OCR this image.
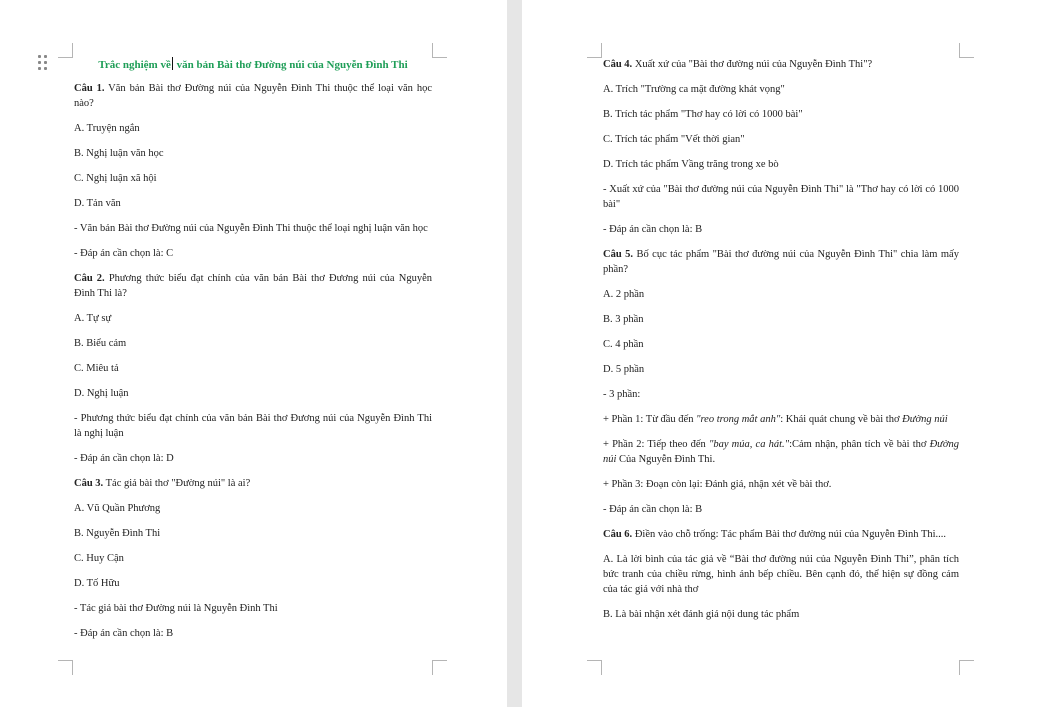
Trắc nghiệm về văn bản Bài thơ Đường núi của Nguyễn Đình Thi

Câu 1. Văn bản Bài thơ Đường núi của Nguyễn Đình Thi thuộc thể loại văn học nào?

A. Truyện ngắn

B. Nghị luận văn học

C. Nghị luận xã hội

D. Tản văn

- Văn bản Bài thơ Đường núi của Nguyễn Đình Thi thuộc thể loại nghị luận văn học

- Đáp án cần chọn là: C

Câu 2. Phương thức biểu đạt chính của văn bản Bài thơ Đương núi của Nguyễn Đình Thi là?

A. Tự sự

B. Biểu cảm

C. Miêu tả

D. Nghị luận

- Phương thức biểu đạt chính của văn bản Bài thơ Đương núi của Nguyễn Đình Thi là nghị luận

- Đáp án cần chọn là: D

Câu 3. Tác giả bài thơ "Đường núi" là ai?

A. Vũ Quần Phương

B. Nguyễn Đình Thi

C. Huy Cận

D. Tố Hữu

- Tác giả bài thơ Đường núi là Nguyễn Đình Thi

- Đáp án cần chọn là: B

Câu 4. Xuất xứ của "Bài thơ đường núi của Nguyễn Đình Thi"?

A. Trích "Trường ca mặt đường khát vọng"

B. Trích tác phẩm "Thơ hay có lời có 1000 bài"

C. Trích tác phẩm "Vết thời gian"

D. Trích tác phẩm Vầng trăng trong xe bò

- Xuất xứ của "Bài thơ đường núi của Nguyễn Đình Thi" là "Thơ hay có lời có 1000 bài"

- Đáp án cần chọn là: B

Câu 5. Bố cục tác phẩm "Bài thơ đường núi của Nguyễn Đình Thi" chia làm mấy phần?

A. 2 phần

B. 3 phần

C. 4 phần

D. 5 phần

- 3 phần:

+ Phần 1: Từ đầu đến "reo trong mắt anh": Khái quát chung về bài thơ Đường núi

+ Phần 2: Tiếp theo đến "bay múa, ca hát.":Cảm nhận, phân tích về bài thơ Đường núi Của Nguyễn Đình Thi.

+ Phần 3: Đoạn còn lại: Đánh giá, nhận xét về bài thơ.

- Đáp án cần chọn là: B

Câu 6. Điền vào chỗ trống: Tác phẩm Bài thơ đường núi của Nguyễn Đình Thi....

A. Là lời bình của tác giả về “Bài thơ đường núi của Nguyễn Đình Thi”, phân tích bức tranh của chiều rừng, hình ảnh bếp chiều. Bên cạnh đó, thể hiện sự đồng cảm của tác giả với nhà thơ

B. Là bài nhận xét đánh giá nội dung tác phẩm
